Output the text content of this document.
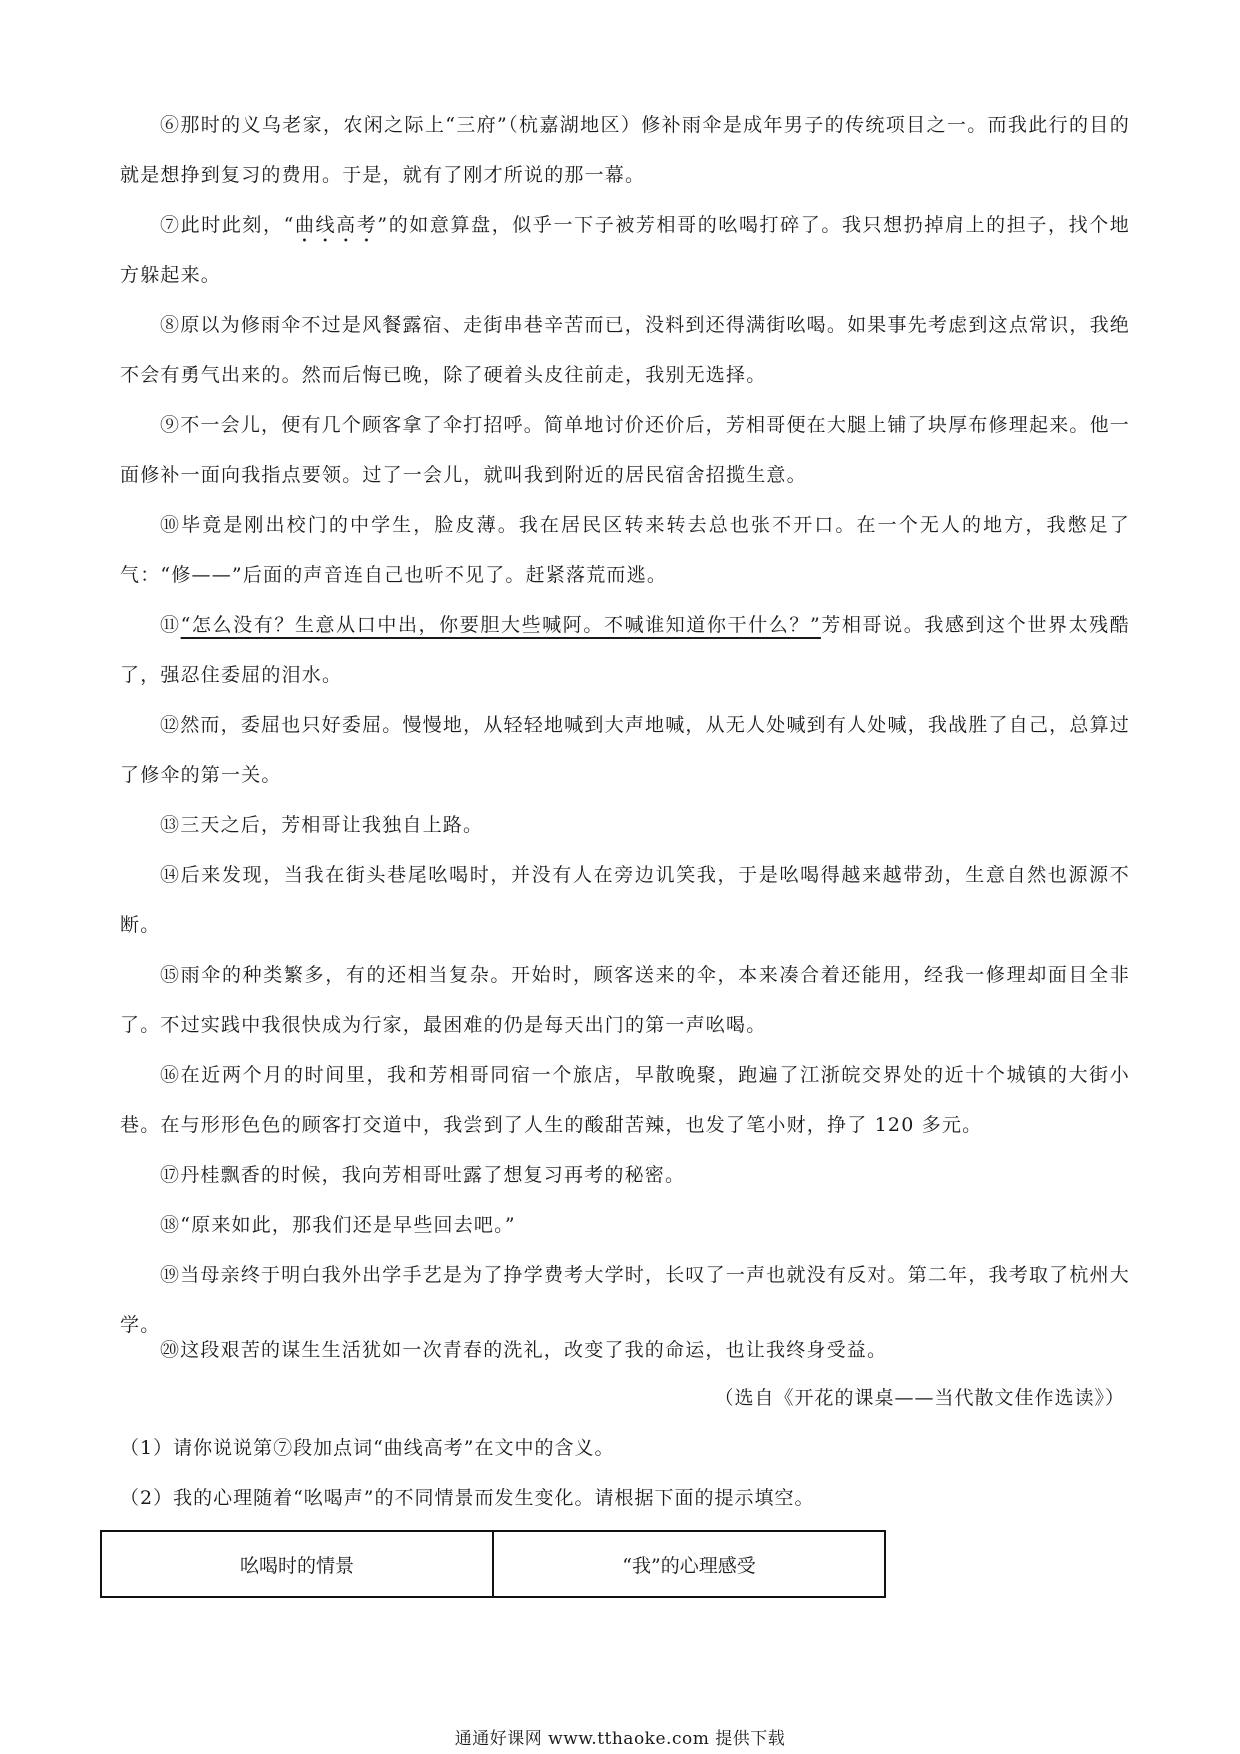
⑥那时的义乌老家，农闲之际上“三府”（杭嘉湖地区）修补雨伞是成年男子的传统项目之一。而我此行的目的就是想挣到复习的费用。于是，就有了刚才所说的那一幕。

⑦此时此刻，“曲线高考”的如意算盘，似乎一下子被芳相哥的吆喝打碎了。我只想扔掉肩上的担子，找个地方躲起来。

⑧原以为修雨伞不过是风餐露宿、走街串巷辛苦而已，没料到还得满街吆喝。如果事先考虑到这点常识，我绝不会有勇气出来的。然而后悔已晚，除了硬着头皮往前走，我别无选择。

⑨不一会儿，便有几个顾客拿了伞打招呼。简单地讨价还价后，芳相哥便在大腿上铺了块厚布修理起来。他一面修补一面向我指点要领。过了一会儿，就叫我到附近的居民宿舍招揽生意。

⑩毕竟是刚出校门的中学生，脸皮薄。我在居民区转来转去总也张不开口。在一个无人的地方，我憋足了气：“修——”后面的声音连自己也听不见了。赶紧落荒而逃。

⑪“怎么没有？生意从口中出，你要胆大些喊阿。不喊谁知道你干什么？”芳相哥说。我感到这个世界太残酷了，强忍住委屈的泪水。

⑫然而，委屈也只好委屈。慢慢地，从轻轻地喊到大声地喊，从无人处喊到有人处喊，我战胜了自己，总算过了修伞的第一关。

⑬三天之后，芳相哥让我独自上路。

⑭后来发现，当我在街头巷尾吆喝时，并没有人在旁边讥笑我，于是吆喝得越来越带劲，生意自然也源源不断。

⑮雨伞的种类繁多，有的还相当复杂。开始时，顾客送来的伞，本来凑合着还能用，经我一修理却面目全非了。不过实践中我很快成为行家，最困难的仍是每天出门的第一声吆喝。

⑯在近两个月的时间里，我和芳相哥同宿一个旅店，早散晚聚，跑遍了江浙皖交界处的近十个城镇的大街小巷。在与形形色色的顾客打交道中，我尝到了人生的酸甜苦辣，也发了笔小财，挣了 120 多元。

⑰丹桂飘香的时候，我向芳相哥吐露了想复习再考的秘密。

⑱“原来如此，那我们还是早些回去吧。”

⑲当母亲终于明白我外出学手艺是为了挣学费考大学时，长叹了一声也就没有反对。第二年，我考取了杭州大学。

⑳这段艰苦的谋生生活犹如一次青春的洗礼，改变了我的命运，也让我终身受益。

（选自《开花的课桌——当代散文佳作选读》）
（1）请你说说第⑦段加点词“曲线高考”在文中的含义。
（2）我的心理随着“吆喝声”的不同情景而发生变化。请根据下面的提示填空。
吆喝时的情景	“我”的心理感受
通通好课网 www.tthaoke.com 提供下载
